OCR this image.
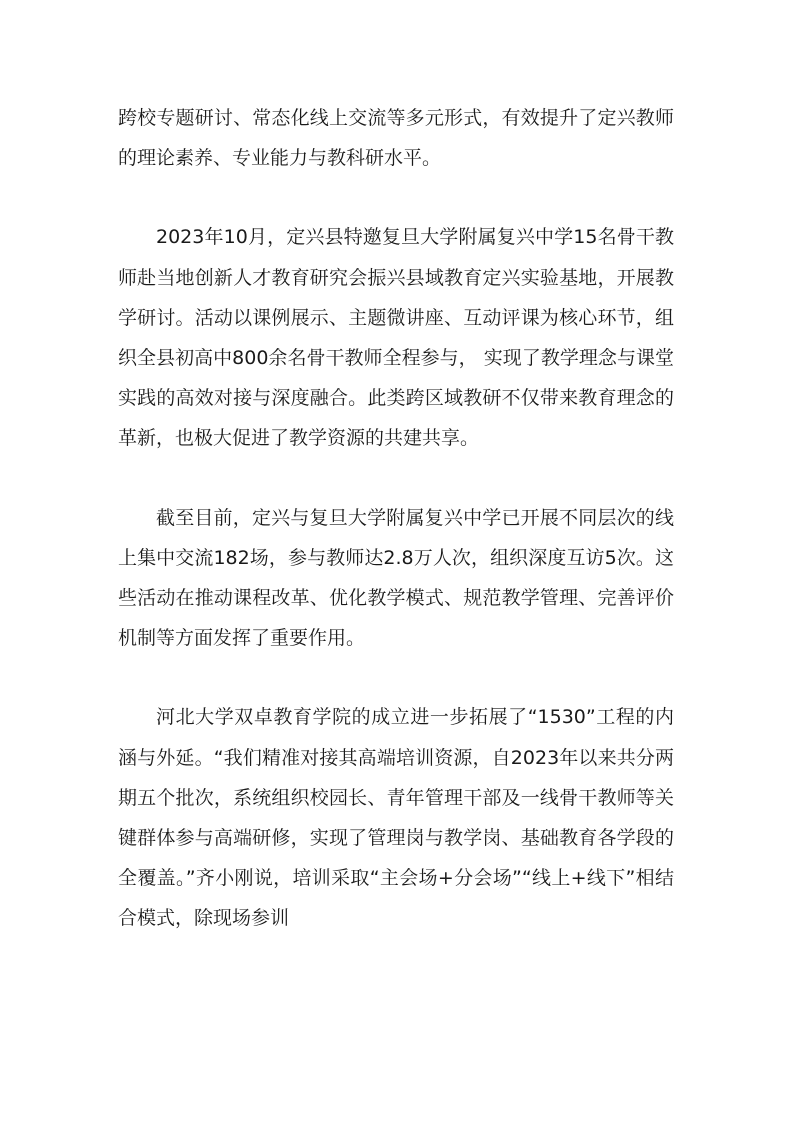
跨校专题研讨、常态化线上交流等多元形式，有效提升了定兴教师的理论素养、专业能力与教科研水平。

2023年10月，定兴县特邀复旦大学附属复兴中学15名骨干教师赴当地创新人才教育研究会振兴县域教育定兴实验基地，开展教学研讨。活动以课例展示、主题微讲座、互动评课为核心环节，组织全县初高中800余名骨干教师全程参与， 实现了教学理念与课堂实践的高效对接与深度融合。此类跨区域教研不仅带来教育理念的革新，也极大促进了教学资源的共建共享。

截至目前，定兴与复旦大学附属复兴中学已开展不同层次的线上集中交流182场，参与教师达2.8万人次，组织深度互访5次。这些活动在推动课程改革、优化教学模式、规范教学管理、完善评价机制等方面发挥了重要作用。

河北大学双卓教育学院的成立进一步拓展了“1530”工程的内涵与外延。“我们精准对接其高端培训资源，自2023年以来共分两期五个批次，系统组织校园长、青年管理干部及一线骨干教师等关键群体参与高端研修，实现了管理岗与教学岗、基础教育各学段的全覆盖。”齐小刚说，培训采取“主会场+分会场”“线上+线下”相结合模式，除现场参训
